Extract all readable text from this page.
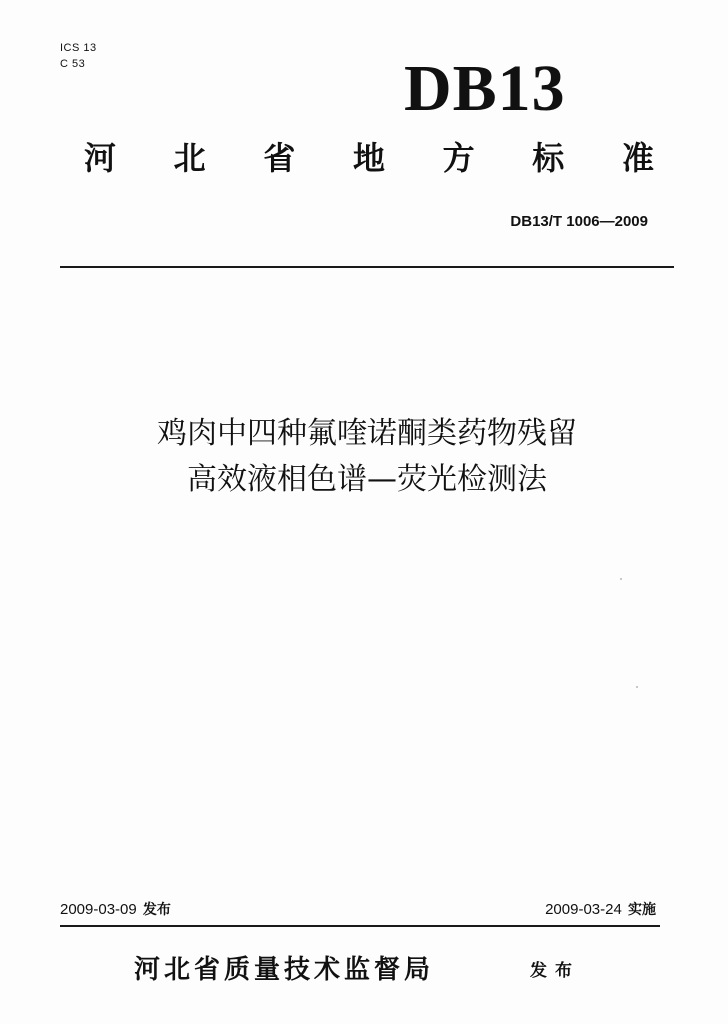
ICS 13
C 53	DB13
河 北 省 地 方 标 准
DB13/T 1006—2009
鸡肉中四种氟喹诺酮类药物残留
高效液相色谱—荧光检测法
2009-03-09 发布	2009-03-24 实施
河北省质量技术监督局	发布
